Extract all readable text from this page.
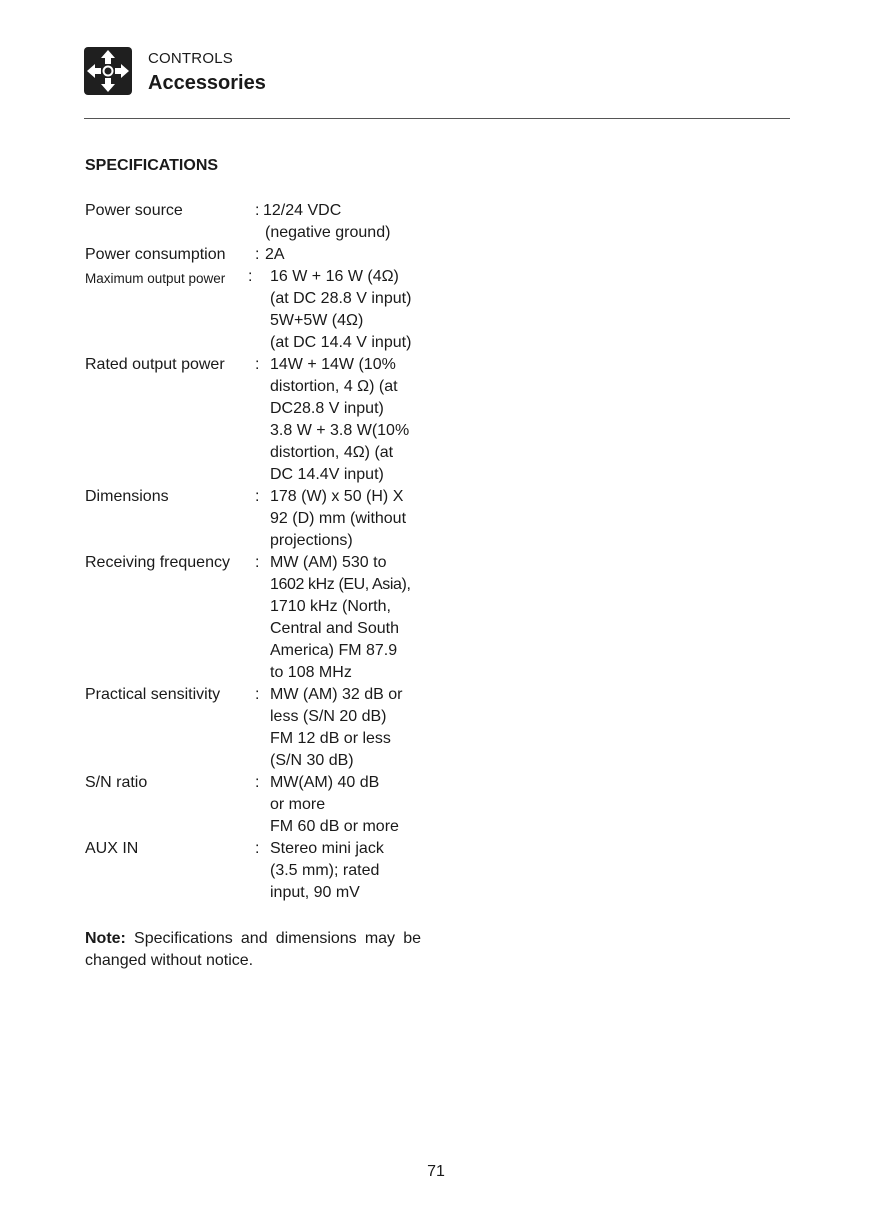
CONTROLS
Accessories
SPECIFICATIONS
Power source	: 12/24 VDC
(negative ground)
Power consumption : 2A
Maximum output power : 16 W + 16 W (4Ω)
(at DC 28.8 V input)
5W+5W (4Ω)
(at DC 14.4 V input)
Rated output power : 14W + 14W (10%
distortion, 4 Ω) (at
DC28.8 V input)
3.8 W + 3.8 W(10%
distortion, 4Ω) (at
DC 14.4V input)
Dimensions	: 178 (W) x 50 (H) X
92 (D) mm (without
projections)
Receiving frequency : MW (AM) 530 to
1602 kHz (EU, Asia),
1710 kHz (North,
Central and South
America) FM 87.9
to 108 MHz
Practical sensitivity : MW (AM) 32 dB or
less (S/N 20 dB)
FM 12 dB or less
(S/N 30 dB)
S/N ratio	: MW(AM) 40 dB
or more
FM 60 dB or more
AUX IN	: Stereo mini jack
(3.5 mm); rated
input, 90 mV
Note: Specifications and dimensions may be changed without notice.
71
